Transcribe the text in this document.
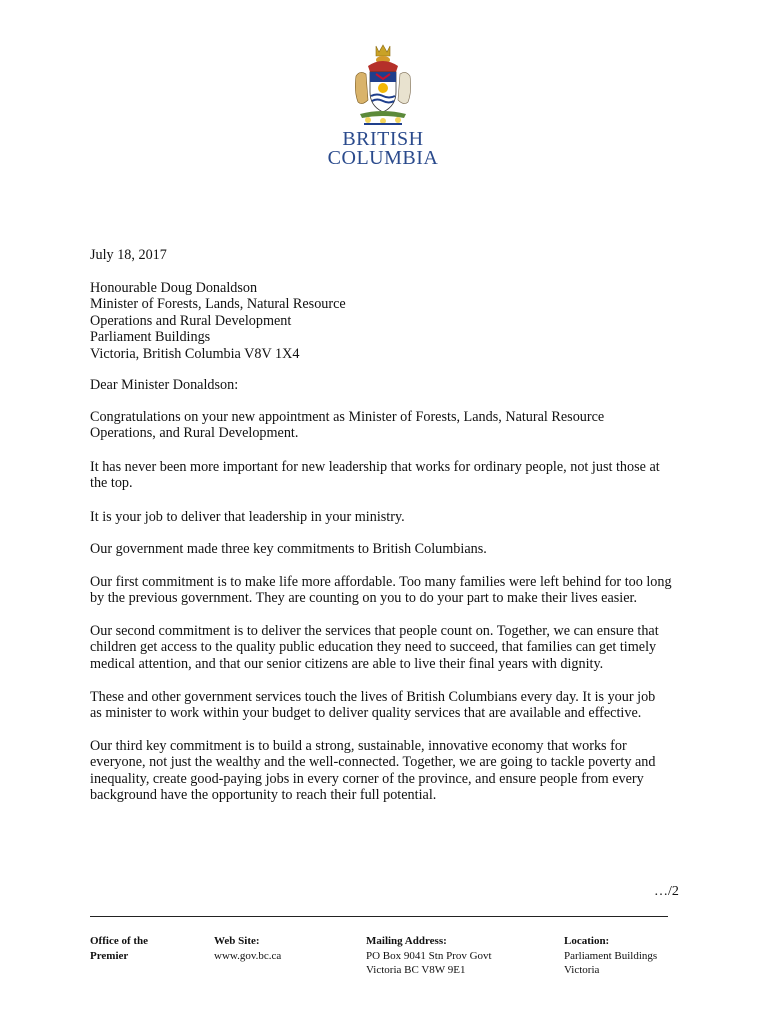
BRITISH
COLUMBIA
July 18, 2017

Honourable Doug Donaldson

Minister of Forests, Lands, Natural Resource

Operations and Rural Development

Parliament Buildings

Victoria, British Columbia V8V 1X4

Dear Minister Donaldson:
Congratulations on your new appointment as Minister of Forests, Lands, Natural Resource Operations, and Rural Development.
It has never been more important for new leadership that works for ordinary people, not just those at the top.
It is your job to deliver that leadership in your ministry.
Our government made three key commitments to British Columbians.
Our first commitment is to make life more affordable. Too many families were left behind for too long by the previous government. They are counting on you to do your part to make their lives easier.
Our second commitment is to deliver the services that people count on. Together, we can ensure that children get access to the quality public education they need to succeed, that families can get timely medical attention, and that our senior citizens are able to live their final years with dignity.
These and other government services touch the lives of British Columbians every day. It is your job as minister to work within your budget to deliver quality services that are available and effective.
Our third key commitment is to build a strong, sustainable, innovative economy that works for everyone, not just the wealthy and the well-connected. Together, we are going to tackle poverty and inequality, create good-paying jobs in every corner of the province, and ensure people from every background have the opportunity to reach their full potential.
…/2
Office of the
Premier
Web Site:
www.gov.bc.ca
Mailing Address:
PO Box 9041 Stn Prov Govt
Victoria BC V8W 9E1
Location:
Parliament Buildings
Victoria
